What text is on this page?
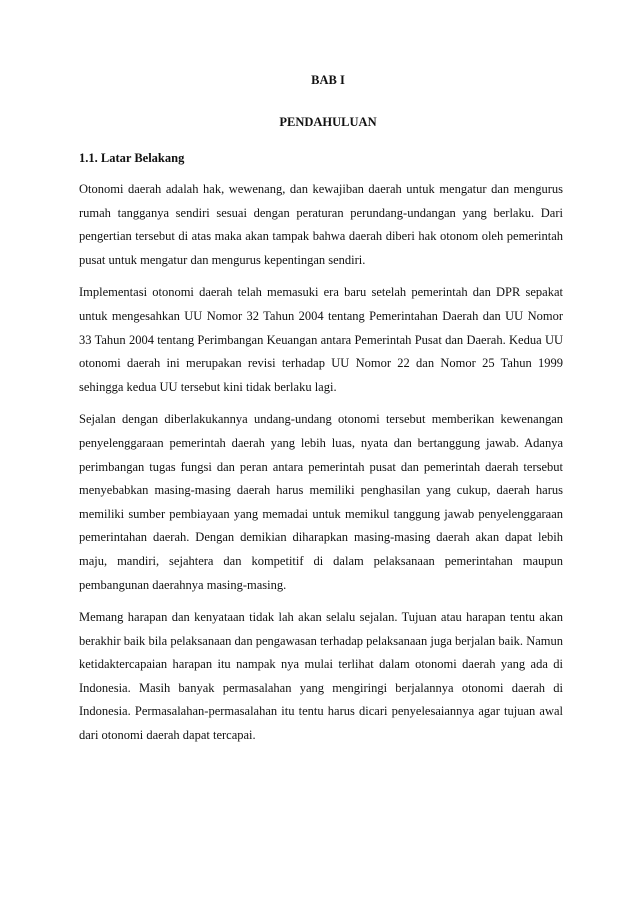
BAB I
PENDAHULUAN
1.1. Latar Belakang

Otonomi daerah adalah hak, wewenang, dan kewajiban daerah untuk mengatur dan mengurus rumah tangganya sendiri sesuai dengan peraturan perundang-undangan yang berlaku. Dari pengertian tersebut di atas maka akan tampak bahwa daerah diberi hak otonom oleh pemerintah pusat untuk mengatur dan mengurus kepentingan sendiri.

Implementasi otonomi daerah telah memasuki era baru setelah pemerintah dan DPR sepakat untuk mengesahkan UU Nomor 32 Tahun 2004 tentang Pemerintahan Daerah dan UU Nomor 33 Tahun 2004 tentang Perimbangan Keuangan antara Pemerintah Pusat dan Daerah. Kedua UU otonomi daerah ini merupakan revisi terhadap UU Nomor 22 dan Nomor 25 Tahun 1999 sehingga kedua UU tersebut kini tidak berlaku lagi.

Sejalan dengan diberlakukannya undang-undang otonomi tersebut memberikan kewenangan penyelenggaraan pemerintah daerah yang lebih luas, nyata dan bertanggung jawab. Adanya perimbangan tugas fungsi dan peran antara pemerintah pusat dan pemerintah daerah tersebut menyebabkan masing-masing daerah harus memiliki penghasilan yang cukup, daerah harus memiliki sumber pembiayaan yang memadai untuk memikul tanggung jawab penyelenggaraan pemerintahan daerah. Dengan demikian diharapkan masing-masing daerah akan dapat lebih maju, mandiri, sejahtera dan kompetitif di dalam pelaksanaan pemerintahan maupun pembangunan daerahnya masing-masing.

Memang harapan dan kenyataan tidak lah akan selalu sejalan. Tujuan atau harapan tentu akan berakhir baik bila pelaksanaan dan pengawasan terhadap pelaksanaan juga berjalan baik. Namun ketidaktercapaian harapan itu nampak nya mulai terlihat dalam otonomi daerah yang ada di Indonesia. Masih banyak permasalahan yang mengiringi berjalannya otonomi daerah di Indonesia. Permasalahan-permasalahan itu tentu harus dicari penyelesaiannya agar tujuan awal dari otonomi daerah dapat tercapai.
